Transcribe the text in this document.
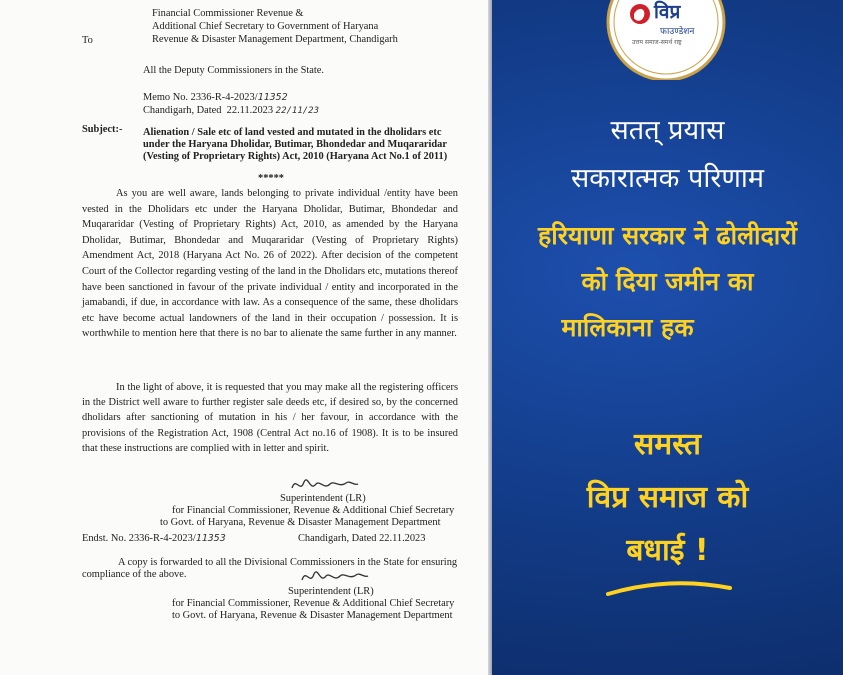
Financial Commissioner Revenue &

Additional Chief Secretary to Government of Haryana

To	Revenue & Disaster Management Department, Chandigarh

All the Deputy Commissioners in the State.

Memo No. 2336-R-4-2023/11352

Chandigarh, Dated  22.11.2023 22/11/23

Subject:- Alienation / Sale etc of land vested and mutated in the dholidars etc

under the Haryana Dholidar, Butimar, Bhondedar and Muqararidar

(Vesting of Proprietary Rights) Act, 2010 (Haryana Act No.1 of 2011)

*****

As you are well aware, lands belonging to private individual /entity have been vested in the Dholidars etc under the Haryana Dholidar, Butimar, Bhondedar and Muqararidar (Vesting of Proprietary Rights) Act, 2010, as amended by the Haryana Dholidar, Butimar, Bhondedar and Muqararidar (Vesting of Proprietary Rights) Amendment Act, 2018 (Haryana Act No. 26 of 2022). After decision of the competent Court of the Collector regarding vesting of the land in the Dholidars etc, mutations thereof have been sanctioned in favour of the private individual / entity and incorporated in the jamabandi, if due, in accordance with law. As a consequence of the same, these dholidars etc have become actual landowners of the land in their occupation / possession. It is worthwhile to mention here that there is no bar to alienate the same further in any manner.

In the light of above, it is requested that you may make all the registering officers in the District well aware to further register sale deeds etc, if desired so, by the concerned dholidars after sanctioning of mutation in his / her favour, in accordance with the provisions of the Registration Act, 1908 (Central Act no.16 of 1908). It is to be insured that these instructions are complied with in letter and spirit.

Superintendent (LR)

for Financial Commissioner, Revenue & Additional Chief Secretary

to Govt. of Haryana, Revenue & Disaster Management Department

Endst. No. 2336-R-4-2023/11353	Chandigarh, Dated 22.11.2023

A copy is forwarded to all the Divisional Commissioners in the State for ensuring

compliance of the above.

Superintendent (LR)

for Financial Commissioner, Revenue & Additional Chief Secretary

to Govt. of Haryana, Revenue & Disaster Management Department

विप्र
फाउण्डेशन
उत्तम समाज-समर्थ राष्ट्र

सतत् प्रयास

सकारात्मक परिणाम

हरियाणा सरकार ने ढोलीदारों

को दिया जमीन का

मालिकाना हक

समस्त

विप्र समाज को

बधाई !
